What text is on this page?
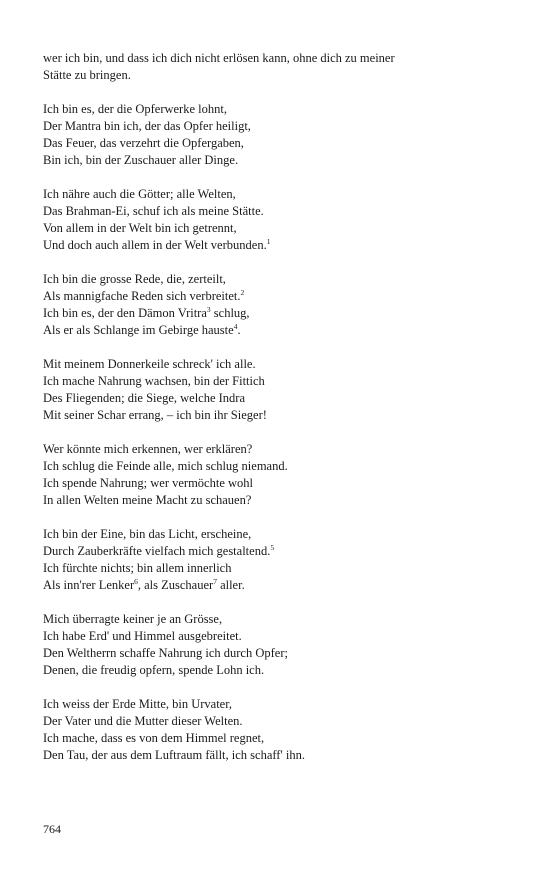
wer ich bin, und dass ich dich nicht erlösen kann, ohne dich zu meiner
Stätte zu bringen.
Ich bin es, der die Opferwerke lohnt,
Der Mantra bin ich, der das Opfer heiligt,
Das Feuer, das verzehrt die Opfergaben,
Bin ich, bin der Zuschauer aller Dinge.
Ich nähre auch die Götter; alle Welten,
Das Brahman-Ei, schuf ich als meine Stätte.
Von allem in der Welt bin ich getrennt,
Und doch auch allem in der Welt verbunden.$^1$
Ich bin die grosse Rede, die, zerteilt,
Als mannigfache Reden sich verbreitet.$^2$
Ich bin es, der den Dämon Vritra$^3$ schlug,
Als er als Schlange im Gebirge hauste$^4$.
Mit meinem Donnerkeile schreck' ich alle.
Ich mache Nahrung wachsen, bin der Fittich
Des Fliegenden; die Siege, welche Indra
Mit seiner Schar errang, – ich bin ihr Sieger!
Wer könnte mich erkennen, wer erklären?
Ich schlug die Feinde alle, mich schlug niemand.
Ich spende Nahrung; wer vermöchte wohl
In allen Welten meine Macht zu schauen?
Ich bin der Eine, bin das Licht, erscheine,
Durch Zauberkräfte vielfach mich gestaltend.$^5$
Ich fürchte nichts; bin allem innerlich
Als inn'rer Lenker$^6$, als Zuschauer$^7$ aller.
Mich überragte keiner je an Grösse,
Ich habe Erd' und Himmel ausgebreitet.
Den Weltherrn schaffe Nahrung ich durch Opfer;
Denen, die freudig opfern, spende Lohn ich.
Ich weiss der Erde Mitte, bin Urvater,
Der Vater und die Mutter dieser Welten.
Ich mache, dass es von dem Himmel regnet,
Den Tau, der aus dem Luftraum fällt, ich schaff' ihn.
764
